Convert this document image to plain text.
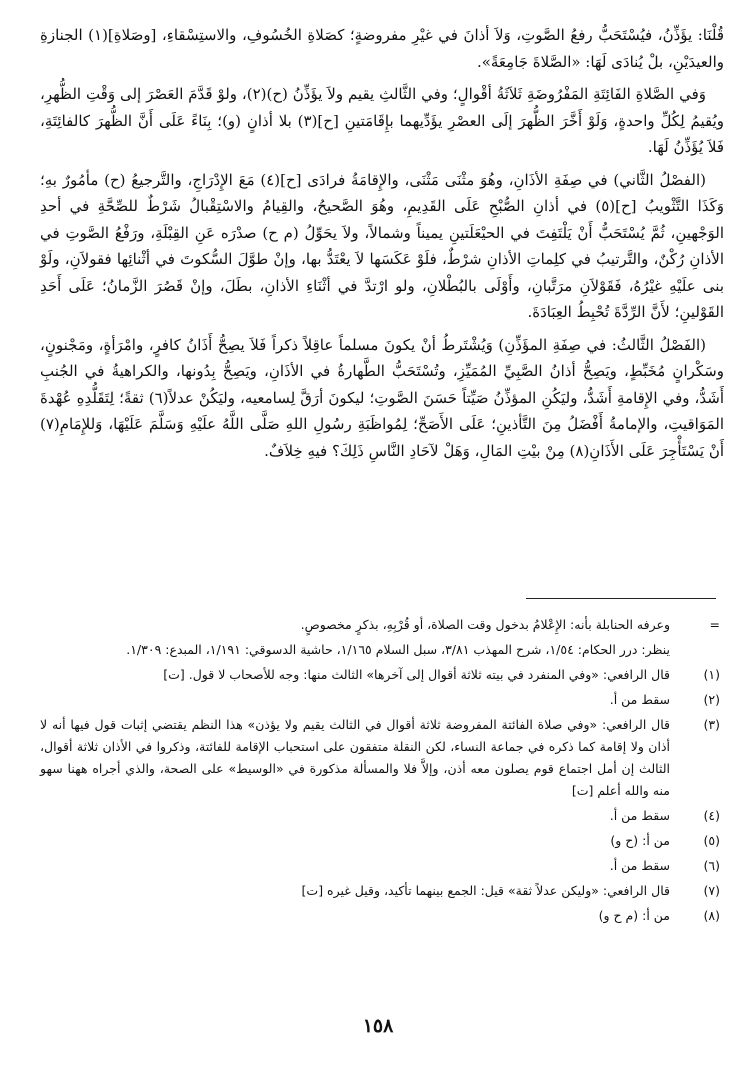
قُلْنَا: يؤَذِّنُ، فيُسْتَحَبُّ رفعُ الصَّوتِ، وَلاَ أذانَ في غيْرِ مفروضةٍ؛ كصَلاةِ الخُسُوفِ، والاستِسْقاءِ، [وصَلاةِ](١) الجنازةِ والعيدَيْنِ، بلْ يُنادَى لَهَا: «الصَّلاةَ جَامِعَةً».

وَفي الصَّلاةِ الفَائِتَةِ المَفْرُوضَةِ ثَلاَثَةُ أقْوالٍ؛ وفي الثَّالثِ يقيم ولاَ يؤَذِّنُ (ح)(٢)، ولوْ قَدَّمَ العَصْرَ إلى وَقْتِ الظُّهرِ، ويُقيمُ لِكُلِّ واحدةٍ، وَلَوْ أَخَّرَ الظُّهرَ إلَى العصْرِ يؤَدِّيهما بإِقَامَتينِ [ح](٣) بلا أذانٍ (و)؛ بِنَاءً عَلَى أَنَّ الظُّهرَ كالفائِتَةِ، فَلاَ يُؤَذِّنُ لَهَا.

(الفصْلُ الثَّاني) في صِفَةِ الأذَانِ، وهُوَ مثْنَى مَثْنَى، والإِقامَةُ فرادَى [ح](٤) مَعَ الإِدْرَاجِ، والتَّرجيعُ (ح) مأمُورٌ بهِ؛ وَكَذَا التَّثْويبُ [ح](٥) في أذانِ الصُّبْحِ عَلَى القَدِيمِ، وهُوَ الصَّحيحُ، والقِيامُ والاسْتِقْبالُ شَرْطٌ للصِّحَّةِ في أحدِ الوَجْهينِ، ثُمَّ يُسْتَحَبُّ أَنْ يَلْتَفِتَ في الحيْعَلَتينِ يميناً وشمالاً، ولاَ يحَوِّلُ (م ح) صدْرَه عَنِ القِبْلَةِ، ورَفْعُ الصَّوتِ في الأذانِ رُكْنٌ، والتَّرتيبُ في كلِماتِ الأذانِ شرْطٌ، فلَوْ عَكَسَها لاَ يعْتَدُّ بها، وإنْ طوَّلَ السُّكوتَ في أثْنائِها فقولاَنِ، ولَوْ بنى علَيْهِ غيْرُهُ، فَقَوْلاَنِ مرَتَّبانِ، وأَوْلَى بالبُطْلانِ، ولو ارْتدَّ في أثْنَاءِ الأذانِ، بطَلَ، وإنْ قَصُرَ الزَّمانُ؛ عَلَى أَحَدِ القَوْلينِ؛ لأَنَّ الرِّدَّةَ تُحْبِطُ العِبَادَةَ.

(الفَصْلُ الثَّالثُ: في صِفَةِ المؤَذِّنِ) وَيُشْتَرطُ أنْ يكونَ مسلماً عاقِلاً ذكراً فَلاَ يصِحُّ أَذَانُ كافرٍ، وامْرَأةٍ، ومَجْنونٍ، وسَكْرانٍ مُخَبِّطٍ، ويَصِحُّ أذانُ الصَّبِيِّ المُمَيِّزِ، وتُسْتَحَبُّ الطَّهارةُ في الأذَانِ، ويَصِحُّ بِدُونها، والكراهيةُ في الجُنبِ أَشَدُّ، وفي الإِقامةِ أَشَدُّ، وليَكُنِ المؤذِّنُ صَيِّتاً حَسَنَ الصَّوتِ؛ ليكونَ أرَقَّ لِسامعيه، وليَكُنْ عدلاً(٦) ثقةً؛ لِتَقَلُّدِهِ عُهْدةَ المَوَاقيتِ، والإمامةُ أَفْضَلُ مِنَ التَّأذينِ؛ عَلَى الأَصَحِّ؛ لِمُواظَبَةِ رسُولِ اللهِ صَلَّى اللَّهُ علَيْهِ وَسَلَّمَ عَلَيْهَا، وَللإِمَامِ(٧) أَنْ يَسْتَأْجِرَ عَلَى الأَذَانِ(٨) مِنْ بيْتِ المَالِ، وَهَلْ لآحَادِ النَّاسِ ذَلِكَ؟ فيهِ خِلاَفٌ.

=
وعرفه الحنابلة بأنه: الإِعْلامُ بدخول وقت الصلاة، أو قُرْبِهِ، بذكرٍ مخصوصٍ.
ينظر: درر الحكام: ١/٥٤، شرح المهذب ٣/٨١، سبل السلام ١/١٦٥، حاشية الدسوقي: ١/١٩١، المبدع: ١/٣٠٩.
(١)
قال الرافعي: «وفي المنفرد في بيته ثلاثة أقوال إلى آخرها» الثالث منها: وجه للأصحاب لا قول. [ت]
(٢)
سقط من أ.
(٣)
قال الرافعي: «وفي صلاة الفائتة المفروضة ثلاثة أقوال في الثالث يقيم ولا يؤذن» هذا النظم يقتضي إثبات قول فيها أنه لا أذان ولا إقامة كما ذكره في جماعة النساء، لكن النقلة متفقون على استحباب الإقامة للفائتة، وذكروا في الأذان ثلاثة أقوال، الثالث إن أمل اجتماع قوم يصلون معه أذن، وإلاَّ فلا والمسألة مذكورة في «الوسيط» على الصحة، والذي أجراه ههنا سهو منه والله أعلم [ت]
(٤)
سقط من أ.
(٥)
من أ: (ح و)
(٦)
سقط من أ.
(٧)
قال الرافعي: «وليكن عدلاً ثقة» قيل: الجمع بينهما تأكيد، وقيل غيره [ت]
(٨)
من أ: (م ح و)
١٥٨
